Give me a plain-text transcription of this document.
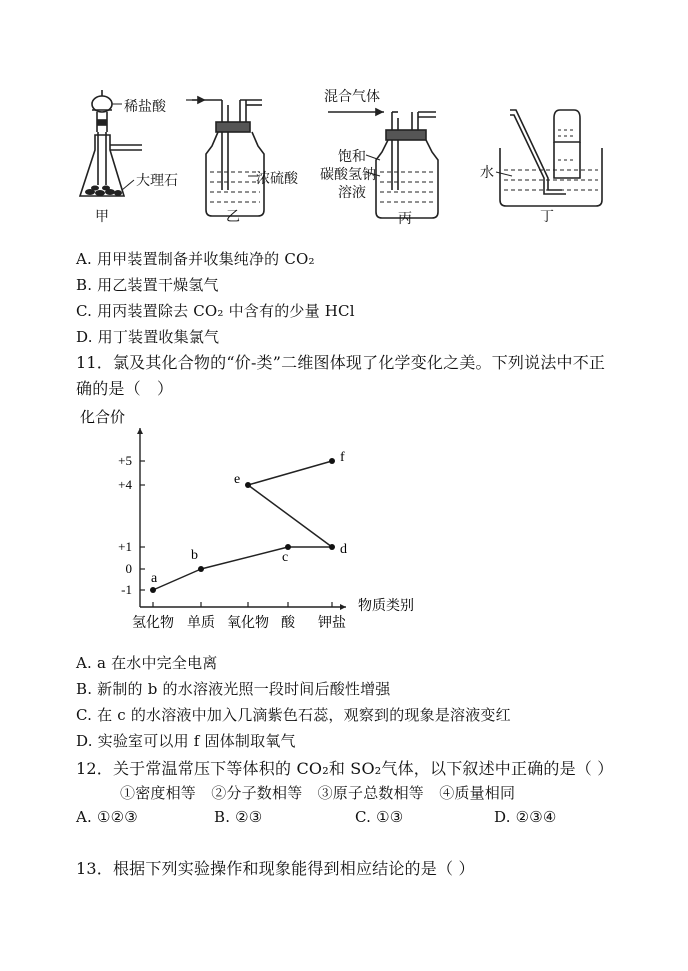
稀盐酸
大理石
甲
浓硫酸
乙
混合气体
饱和
碳酸氢钠
溶液
丙
水
丁
A. 用甲装置制备并收集纯净的 CO₂
B. 用乙装置干燥氢气
C. 用丙装置除去 CO₂ 中含有的少量 HCl
D. 用丁装置收集氯气
11．氯及其化合物的“价-类”二维图体现了化学变化之美。下列说法中不正
确的是（　）
化合价
物质类别
+5
+4
+1
0
-1
氢化物 单质 氧化物 酸 钾盐
a
b	c
d
e
f
A. a 在水中完全电离
B. 新制的 b 的水溶液光照一段时间后酸性增强
C. 在 c 的水溶液中加入几滴紫色石蕊，观察到的现象是溶液变红
D. 实验室可以用 f 固体制取氧气
12．关于常温常压下等体积的 CO₂和 SO₂气体，以下叙述中正确的是（ ）
①密度相等　②分子数相等　③原子总数相等　④质量相同
A. ①②③	B. ②③	C. ①③	D. ②③④
13．根据下列实验操作和现象能得到相应结论的是（ ）
